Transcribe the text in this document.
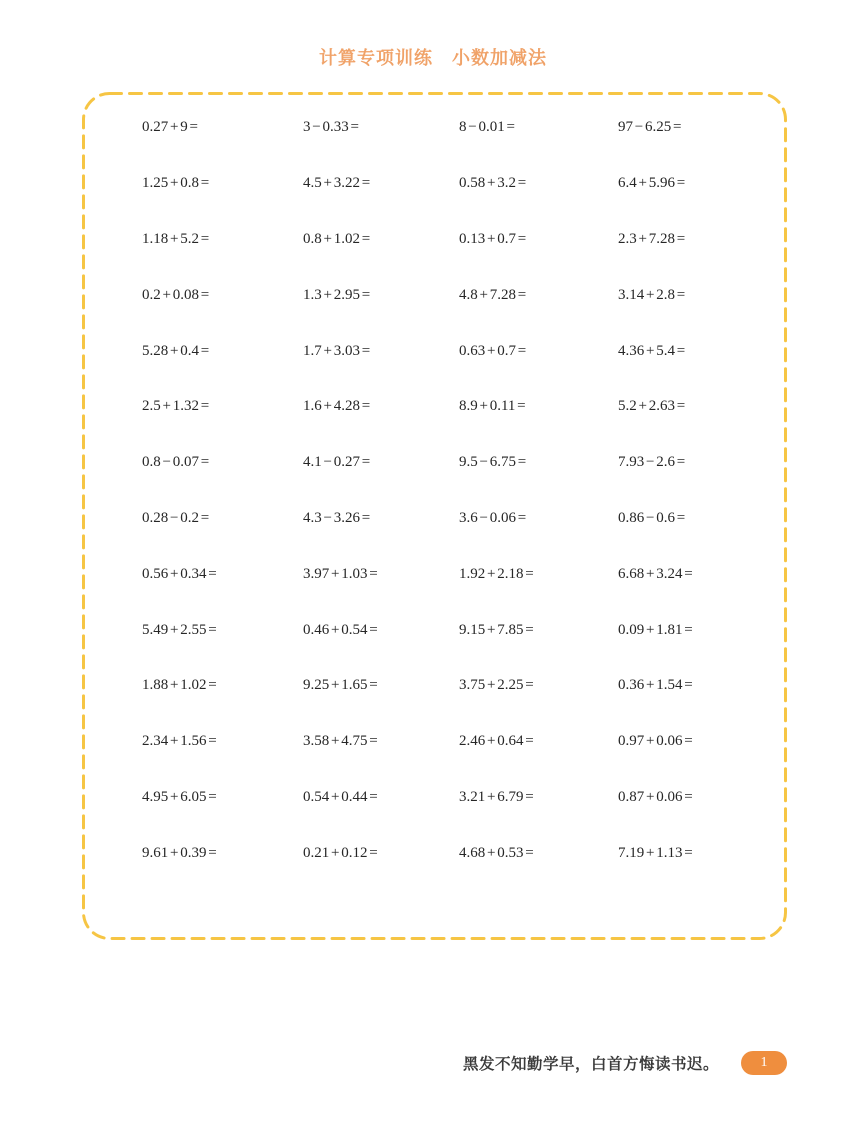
计算专项训练　小数加减法
0.27 + 9 =	3 − 0.33 =	8 − 0.01 =	97 − 6.25 =
1.25 + 0.8 =	4.5 + 3.22 =	0.58 + 3.2 =	6.4 + 5.96 =
1.18 + 5.2 =	0.8 + 1.02 =	0.13 + 0.7 =	2.3 + 7.28 =
0.2 + 0.08 =	1.3 + 2.95 =	4.8 + 7.28 =	3.14 + 2.8 =
5.28 + 0.4 =	1.7 + 3.03 =	0.63 + 0.7 =	4.36 + 5.4 =
2.5 + 1.32 =	1.6 + 4.28 =	8.9 + 0.11 =	5.2 + 2.63 =
0.8 − 0.07 =	4.1 − 0.27 =	9.5 − 6.75 =	7.93 − 2.6 =
0.28 − 0.2 =	4.3 − 3.26 =	3.6 − 0.06 =	0.86 − 0.6 =
0.56 + 0.34 =	3.97 + 1.03 =	1.92 + 2.18 =	6.68 + 3.24 =
5.49 + 2.55 =	0.46 + 0.54 =	9.15 + 7.85 =	0.09 + 1.81 =
1.88 + 1.02 =	9.25 + 1.65 =	3.75 + 2.25 =	0.36 + 1.54 =
2.34 + 1.56 =	3.58 + 4.75 =	2.46 + 0.64 =	0.97 + 0.06 =
4.95 + 6.05 =	0.54 + 0.44 =	3.21 + 6.79 =	0.87 + 0.06 =
9.61 + 0.39 =	0.21 + 0.12 =	4.68 + 0.53 =	7.19 + 1.13 =
黑发不知勤学早，白首方悔读书迟。	1
